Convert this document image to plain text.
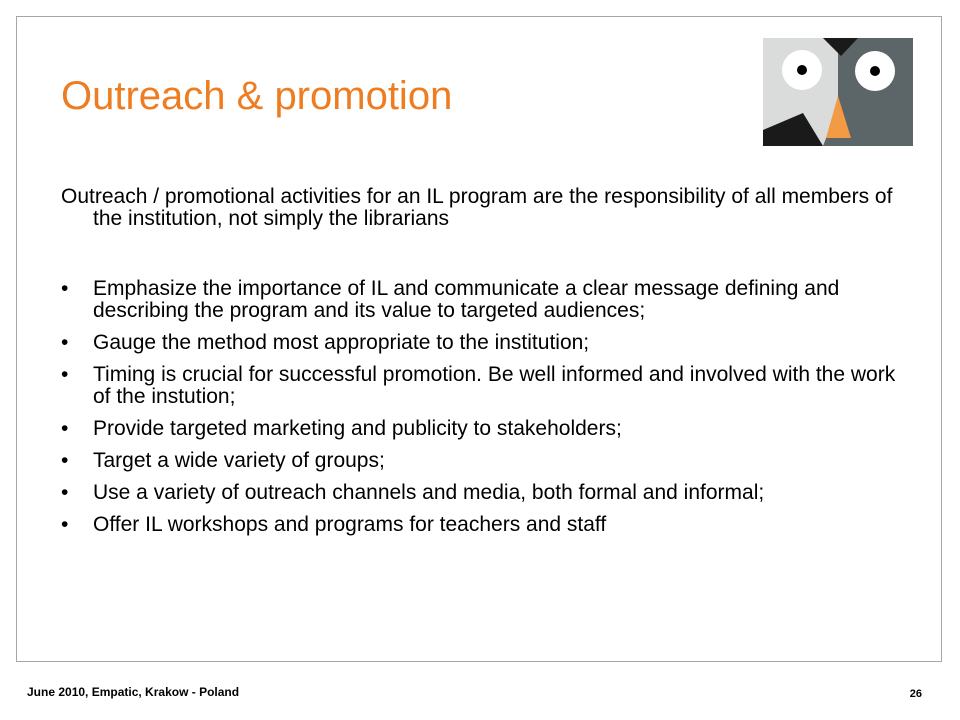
Outreach & promotion

Outreach / promotional activities for an IL program are the responsibility of all members of the institution, not simply the librarians

• Emphasize the importance of IL and communicate a clear message defining and describing the program and its value to targeted audiences;
• Gauge the method most appropriate to the institution;
• Timing is crucial for successful promotion. Be well informed and involved with the work of the instution;
• Provide targeted marketing and publicity to stakeholders;
• Target a wide variety of groups;
• Use a variety of outreach channels and media, both formal and informal;
• Offer IL workshops and programs for teachers and staff
June 2010, Empatic, Krakow - Poland	26
